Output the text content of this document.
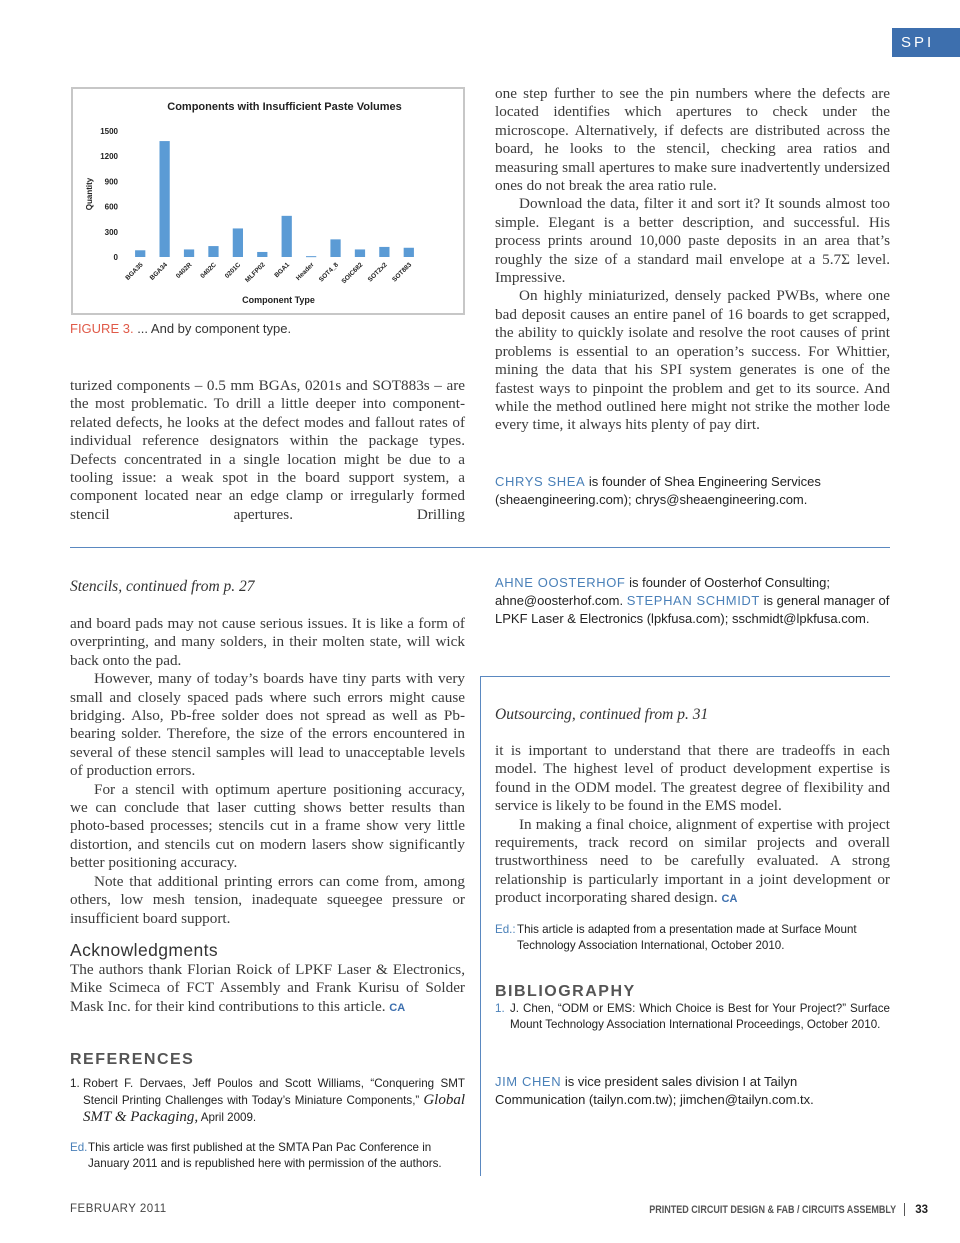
SPI
Components with Insufficient Paste Volumes
1500
1200
900
600
300
0
Quantity
BGA35 BGA34 0402R 0402C 0201C MLFP02 BGA1 Header SOT4_8 SOIC682 SOT2x2 SOT883
Component Type
FIGURE 3. ... And by component type.

turized components – 0.5 mm BGAs, 0201s and SOT883s – are the most problematic. To drill a little deeper into component-related defects, he looks at the defect modes and fallout rates of individual reference designators within the package types. Defects concentrated in a single location might be due to a tooling issue: a weak spot in the board support system, a component located near an edge clamp or irregularly formed stencil apertures. Drilling

one step further to see the pin numbers where the defects are located identifies which apertures to check under the microscope. Alternatively, if defects are distributed across the board, he looks to the stencil, checking area ratios and measuring small apertures to make sure inadvertently undersized ones do not break the area ratio rule.

Download the data, filter it and sort it? It sounds almost too simple. Elegant is a better description, and successful. His process prints around 10,000 paste deposits in an area that’s roughly the size of a standard mail envelope at a 5.7Σ level. Impressive.

On highly miniaturized, densely packed PWBs, where one bad deposit causes an entire panel of 16 boards to get scrapped, the ability to quickly isolate and resolve the root causes of print problems is essential to an operation’s success. For Whittier, mining the data that his SPI system generates is one of the fastest ways to pinpoint the problem and get to its source. And while the method outlined here might not strike the mother lode every time, it always hits plenty of pay dirt.

CHRYS SHEA is founder of Shea Engineering Services (sheaengineering.com); chrys@sheaengineering.com.
Stencils, continued from p. 27

and board pads may not cause serious issues. It is like a form of overprinting, and many solders, in their molten state, will wick back onto the pad.

However, many of today’s boards have tiny parts with very small and closely spaced pads where such errors might cause bridging. Also, Pb-free solder does not spread as well as Pb-bearing solder. Therefore, the size of the errors encountered in several of these stencil samples will lead to unacceptable levels of production errors.

For a stencil with optimum aperture positioning accuracy, we can conclude that laser cutting shows better results than photo-based processes; stencils cut in a frame show very little distortion, and stencils cut on modern lasers show significantly better positioning accuracy.

Note that additional printing errors can come from, among others, low mesh tension, inadequate squeegee pressure or insufficient board support.

Acknowledgments
The authors thank Florian Roick of LPKF Laser & Electronics, Mike Scimeca of FCT Assembly and Frank Kurisu of Solder Mask Inc. for their kind contributions to this article. CA
REFERENCES
1. Robert F. Dervaes, Jeff Poulos and Scott Williams, “Conquering SMT Stencil Printing Challenges with Today’s Miniature Components,” Global SMT & Packaging, April 2009.
Ed. This article was first published at the SMTA Pan Pac Conference in January 2011 and is republished here with permission of the authors.
AHNE OOSTERHOF is founder of Oosterhof Consulting; ahne@oosterhof.com. STEPHAN SCHMIDT is general manager of LPKF Laser & Electronics (lpkfusa.com); sschmidt@lpkfusa.com.
Outsourcing, continued from p. 31

it is important to understand that there are tradeoffs in each model. The highest level of product development expertise is found in the ODM model. The greatest degree of flexibility and service is likely to be found in the EMS model.

In making a final choice, alignment of expertise with project requirements, track record on similar projects and overall trustworthiness need to be carefully evaluated. A strong relationship is particularly important in a joint development or product incorporating shared design. CA

Ed.: This article is adapted from a presentation made at Surface Mount Technology Association International, October 2010.
BIBLIOGRAPHY
1. J. Chen, “ODM or EMS: Which Choice is Best for Your Project?” Surface Mount Technology Association International Proceedings, October 2010.
JIM CHEN is vice president sales division I at Tailyn Communication (tailyn.com.tw); jimchen@tailyn.com.tx.
FEBRUARY 2011	PRINTED CIRCUIT DESIGN & FAB / CIRCUITS ASSEMBLY 33
